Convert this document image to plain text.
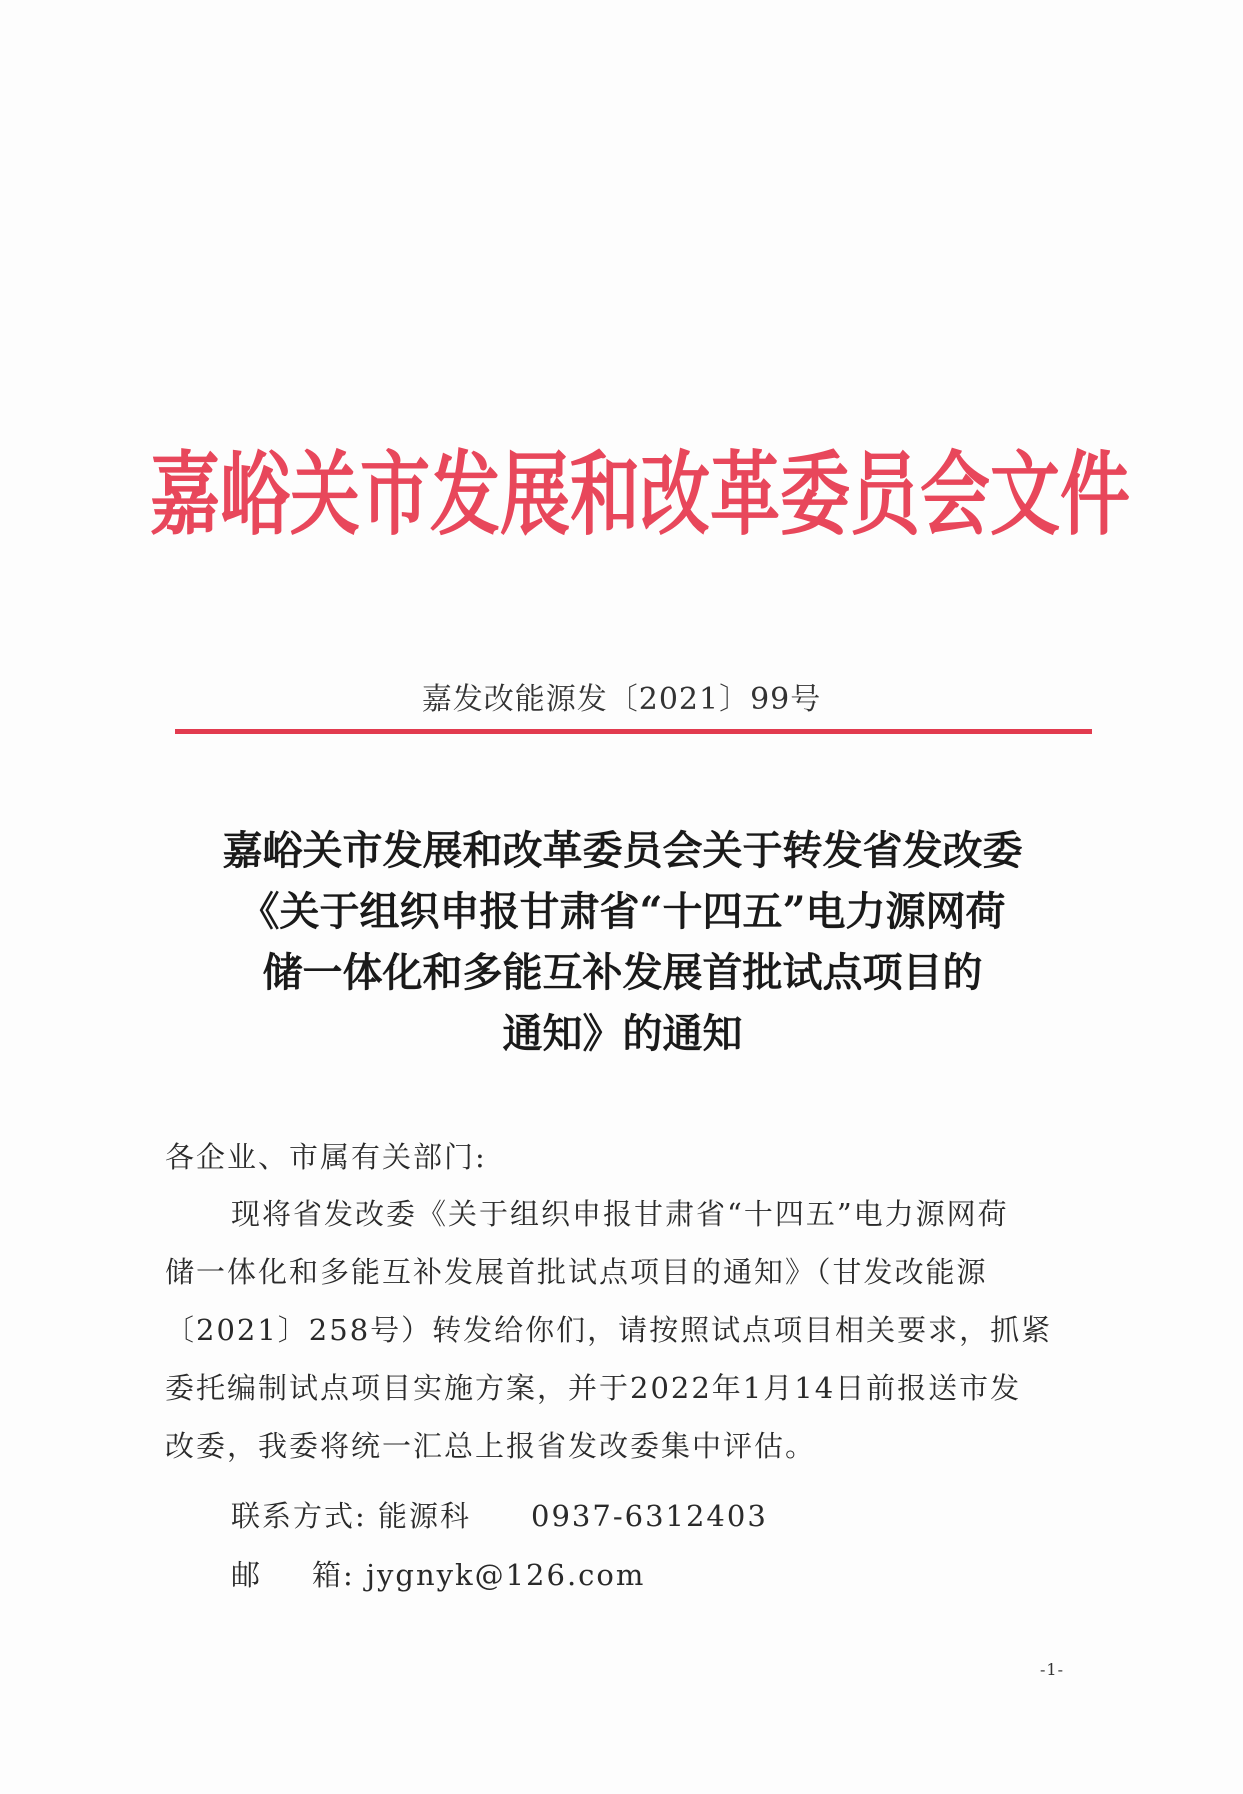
嘉峪关市发展和改革委员会文件
嘉发改能源发〔2021〕99号
嘉峪关市发展和改革委员会关于转发省发改委
《关于组织申报甘肃省“十四五”电力源网荷
储一体化和多能互补发展首批试点项目的
通知》的通知
各企业、市属有关部门:
现将省发改委《关于组织申报甘肃省“十四五”电力源网荷
储一体化和多能互补发展首批试点项目的通知》（甘发改能源
〔2021〕258号）转发给你们，请按照试点项目相关要求，抓紧
委托编制试点项目实施方案，并于2022年1月14日前报送市发
改委，我委将统一汇总上报省发改委集中评估。
联系方式: 能源科 0937-6312403
邮 箱: jygnyk@126.com
-1-
